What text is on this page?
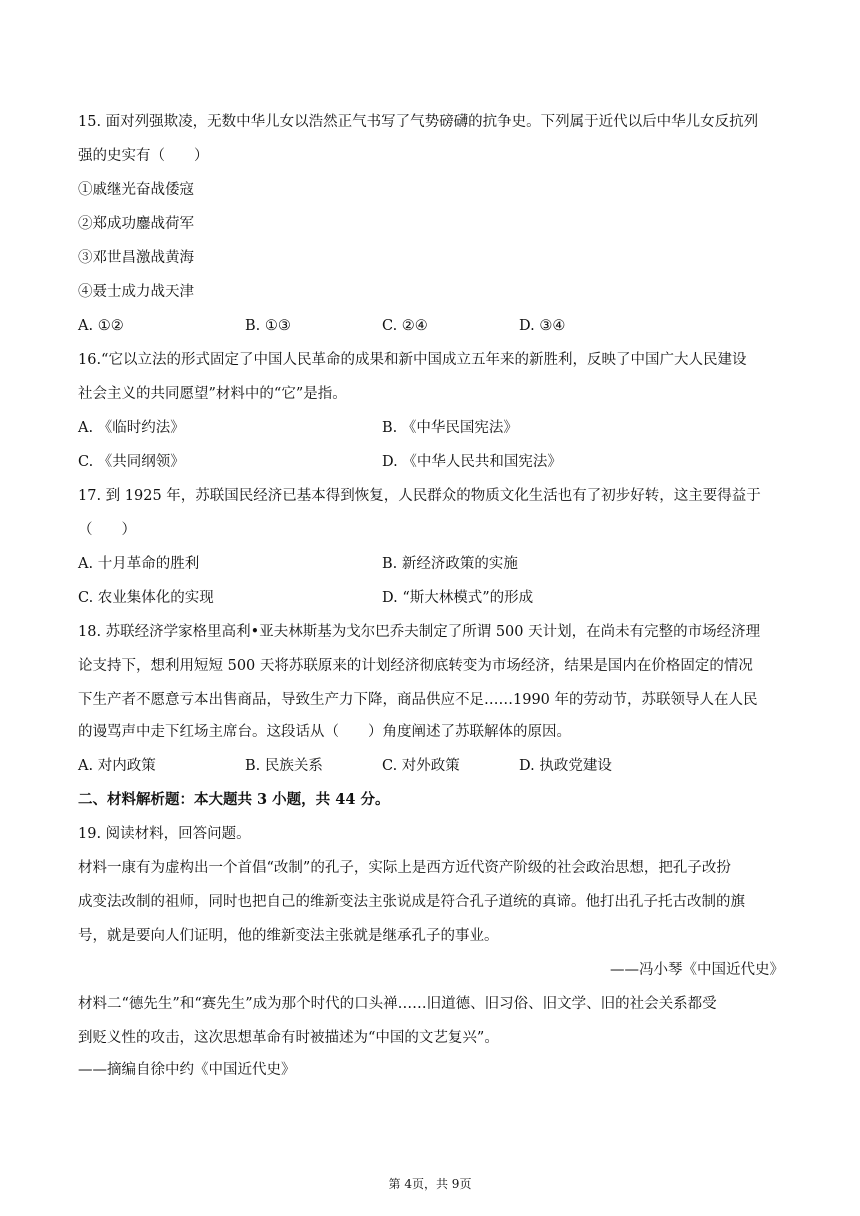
15. 面对列强欺凌，无数中华儿女以浩然正气书写了气势磅礴的抗争史。下列属于近代以后中华儿女反抗列
强的史实有（　　）
①戚继光奋战倭寇
②郑成功鏖战荷军
③邓世昌激战黄海
④聂士成力战天津
A. ①②	B. ①③	C. ②④	D. ③④
16.“它以立法的形式固定了中国人民革命的成果和新中国成立五年来的新胜利，反映了中国广大人民建设
社会主义的共同愿望”材料中的“它”是指。
A. 《临时约法》	B. 《中华民国宪法》
C. 《共同纲领》	D. 《中华人民共和国宪法》
17. 到 1925 年，苏联国民经济已基本得到恢复，人民群众的物质文化生活也有了初步好转，这主要得益于
（　　）
A. 十月革命的胜利	B. 新经济政策的实施
C. 农业集体化的实现	D. “斯大林模式”的形成
18. 苏联经济学家格里高利•亚夫林斯基为戈尔巴乔夫制定了所谓 500 天计划，在尚未有完整的市场经济理
论支持下，想利用短短 500 天将苏联原来的计划经济彻底转变为市场经济，结果是国内在价格固定的情况
下生产者不愿意亏本出售商品，导致生产力下降，商品供应不足……1990 年的劳动节，苏联领导人在人民
的谩骂声中走下红场主席台。这段话从（　　）角度阐述了苏联解体的原因。
A. 对内政策	B. 民族关系	C. 对外政策	D. 执政党建设
二、材料解析题：本大题共 3 小题，共 44 分。
19. 阅读材料，回答问题。
材料一康有为虚构出一个首倡“改制”的孔子，实际上是西方近代资产阶级的社会政治思想，把孔子改扮
成变法改制的祖师，同时也把自己的维新变法主张说成是符合孔子道统的真谛。他打出孔子托古改制的旗
号，就是要向人们证明，他的维新变法主张就是继承孔子的事业。
——冯小琴《中国近代史》
材料二“德先生”和“赛先生”成为那个时代的口头禅……旧道德、旧习俗、旧文学、旧的社会关系都受
到贬义性的攻击，这次思想革命有时被描述为“中国的文艺复兴”。
——摘编自徐中约《中国近代史》
第 4页，共 9页
